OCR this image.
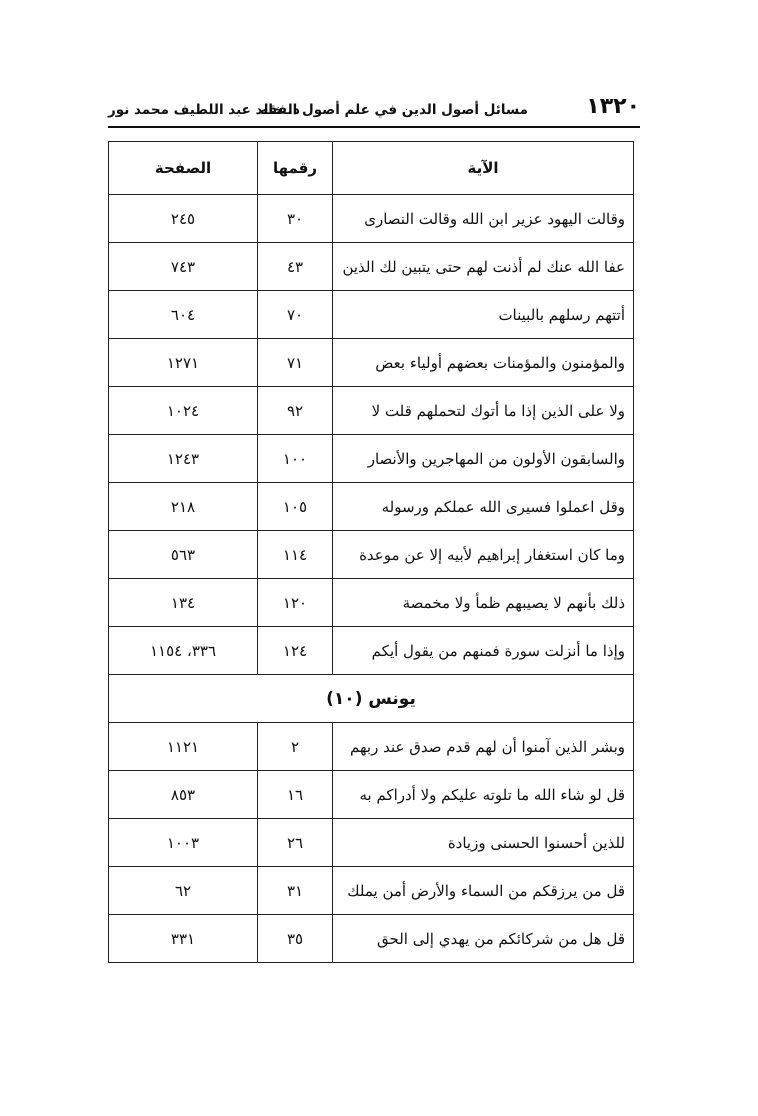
١٣٢٠
مسائل أصول الدين في علم أصول الفقه
د. خالد عبد اللطيف محمد نور
الآية	رقمها	الصفحة
وقالت اليهود عزير ابن الله وقالت النصارى	٣٠	٢٤٥
عفا الله عنك لم أذنت لهم حتى يتبين لك الذين	٤٣	٧٤٣
أتتهم رسلهم بالبينات	٧٠	٦٠٤
والمؤمنون والمؤمنات بعضهم أولياء بعض	٧١	١٢٧١
ولا على الذين إذا ما أتوك لتحملهم قلت لا	٩٢	١٠٢٤
والسابقون الأولون من المهاجرين والأنصار	١٠٠	١٢٤٣
وقل اعملوا فسيرى الله عملكم ورسوله	١٠٥	٢١٨
وما كان استغفار إبراهيم لأبيه إلا عن موعدة	١١٤	٥٦٣
ذلك بأنهم لا يصيبهم ظمأ ولا مخمصة	١٢٠	١٣٤
وإذا ما أنزلت سورة فمنهم من يقول أيكم	١٢٤	٣٣٦، ١١٥٤
يونس (١٠)		
وبشر الذين آمنوا أن لهم قدم صدق عند ربهم	٢	١١٢١
قل لو شاء الله ما تلوته عليكم ولا أدراكم به	١٦	٨٥٣
للذين أحسنوا الحسنى وزيادة	٢٦	١٠٠٣
قل من يرزقكم من السماء والأرض أمن يملك	٣١	٦٢
قل هل من شركائكم من يهدي إلى الحق	٣٥	٣٣١
